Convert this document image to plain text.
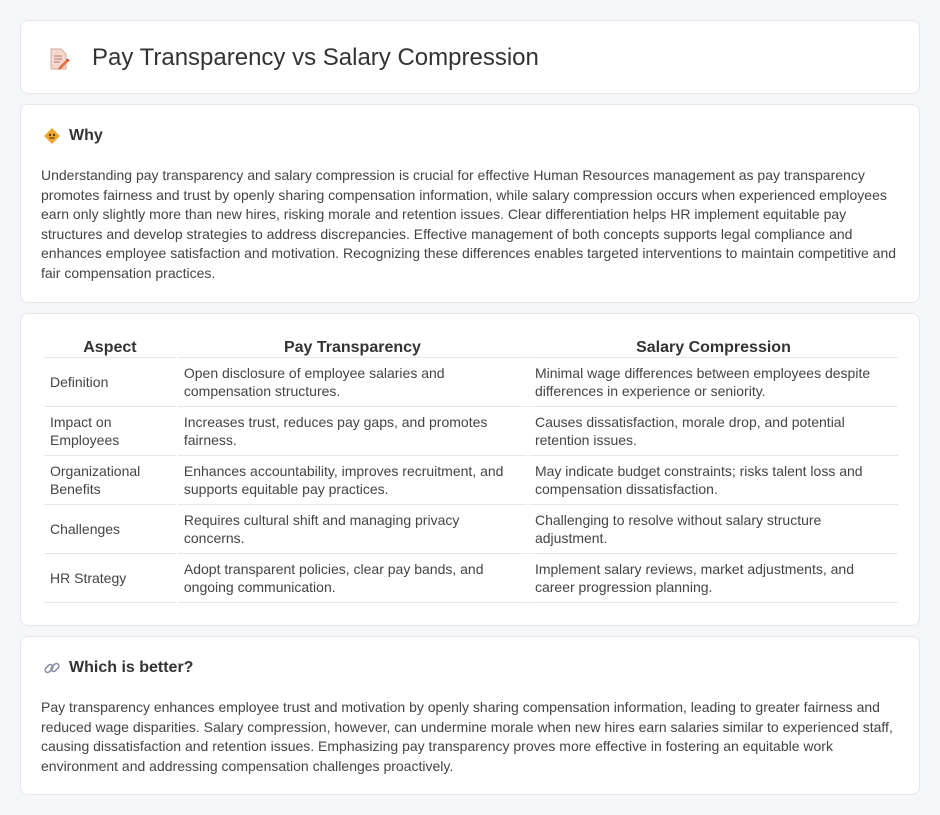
Pay Transparency vs Salary Compression
Why

Understanding pay transparency and salary compression is crucial for effective Human Resources management as pay transparency promotes fairness and trust by openly sharing compensation information, while salary compression occurs when experienced employees earn only slightly more than new hires, risking morale and retention issues. Clear differentiation helps HR implement equitable pay structures and develop strategies to address discrepancies. Effective management of both concepts supports legal compliance and enhances employee satisfaction and motivation. Recognizing these differences enables targeted interventions to maintain competitive and fair compensation practices.

Aspect	Pay Transparency	Salary Compression
Definition	Open disclosure of employee salaries and compensation structures.	Minimal wage differences between employees despite differences in experience or seniority.
Impact on Employees	Increases trust, reduces pay gaps, and promotes fairness.	Causes dissatisfaction, morale drop, and potential retention issues.
Organizational Benefits	Enhances accountability, improves recruitment, and supports equitable pay practices.	May indicate budget constraints; risks talent loss and compensation dissatisfaction.
Challenges	Requires cultural shift and managing privacy concerns.	Challenging to resolve without salary structure adjustment.
HR Strategy	Adopt transparent policies, clear pay bands, and ongoing communication.	Implement salary reviews, market adjustments, and career progression planning.
Which is better?

Pay transparency enhances employee trust and motivation by openly sharing compensation information, leading to greater fairness and reduced wage disparities. Salary compression, however, can undermine morale when new hires earn salaries similar to experienced staff, causing dissatisfaction and retention issues. Emphasizing pay transparency proves more effective in fostering an equitable work environment and addressing compensation challenges proactively.
